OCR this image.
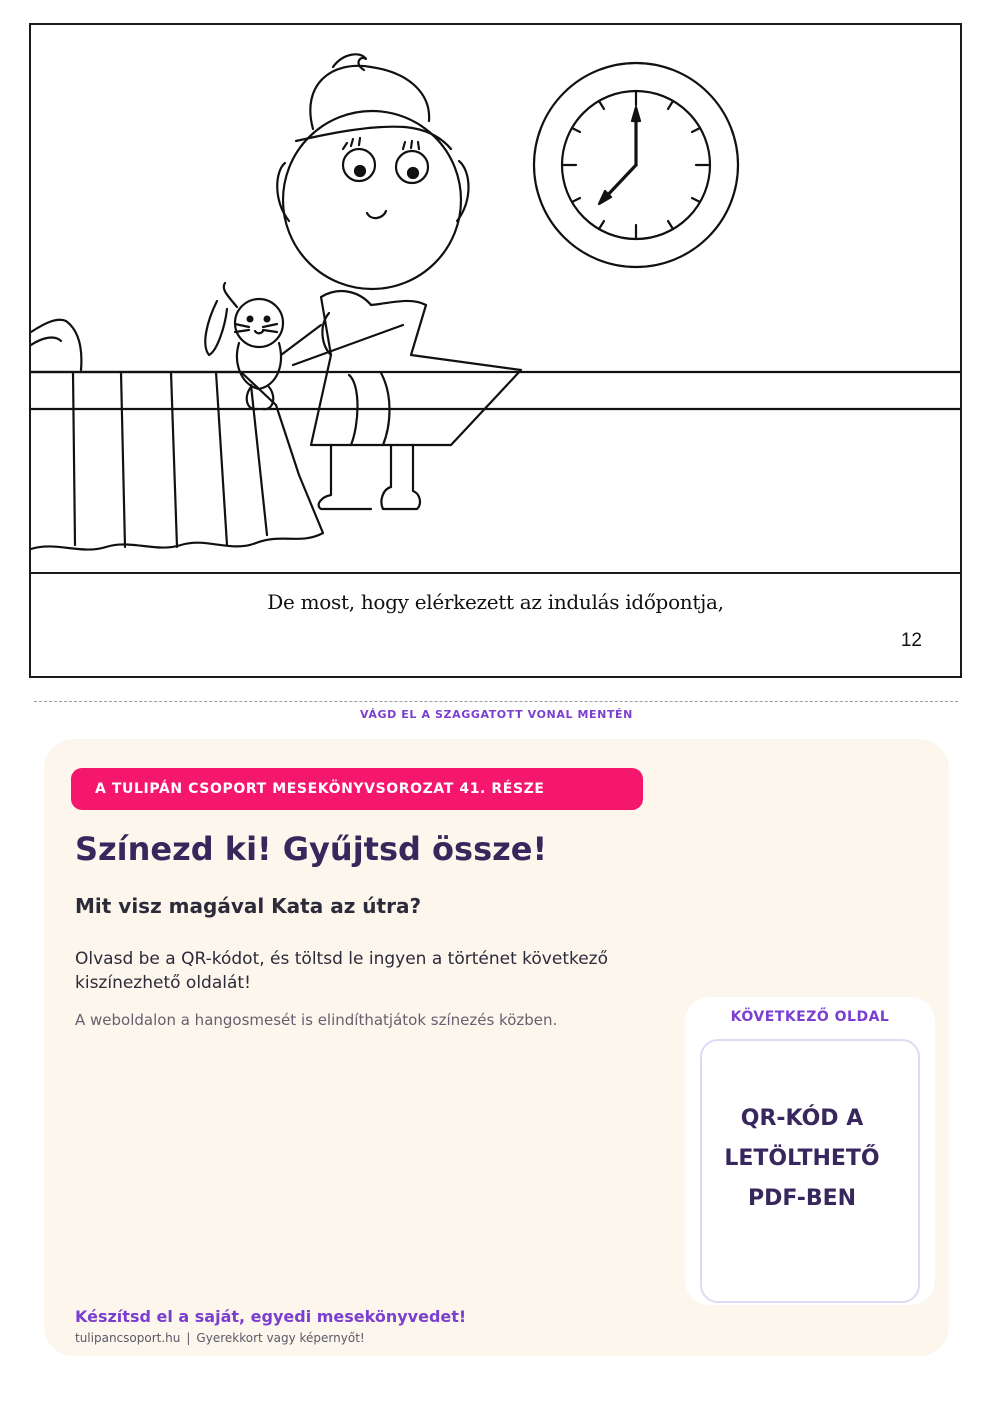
De most, hogy elérkezett az indulás időpontja,
12
VÁGD EL A SZAGGATOTT VONAL MENTÉN
A TULIPÁN CSOPORT MESEKÖNYVSOROZAT 41. RÉSZE
Színezd ki! Gyűjtsd össze!
Mit visz magával Kata az útra?
Olvasd be a QR-kódot, és töltsd le ingyen a történet következő kiszínezhető oldalát!
A weboldalon a hangosmesét is elindíthatjátok színezés közben.	KÖVETKEZŐ OLDAL
QR-KÓD A LETÖLTHETŐ PDF-BEN
Készítsd el a saját, egyedi mesekönyvedet!
tulipancsoport.hu | Gyerekkort vagy képernyőt!
